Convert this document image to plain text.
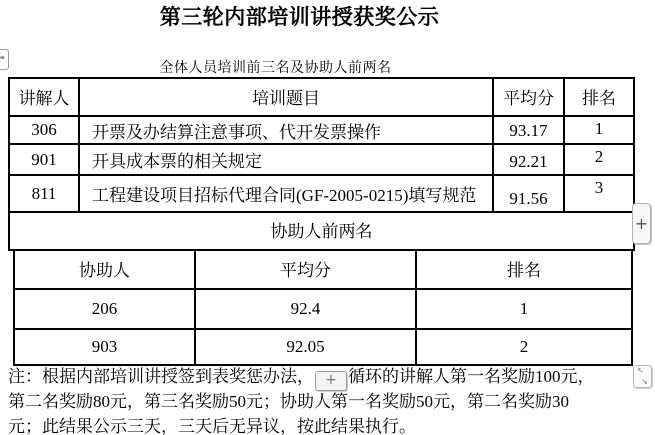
第三轮内部培训讲授获奖公示
全体人员培训前三名及协助人前两名
讲解人	培训题目	平均分	排名
306	开票及办结算注意事项、代开发票操作	93.17	1
901	开具成本票的相关规定	92.21	2
811	工程建设项目招标代理合同(GF-2005-0215)填写规范	91.56	3
协助人前两名			
协助人	平均分	排名
206	92.4	1
903	92.05	2
+
注：根据内部培训讲授签到表奖惩办法， + 循环的讲解人第一名奖励100元，
第二名奖励80元，第三名奖励50元；协助人第一名奖励50元，第二名奖励30
元；此结果公示三天，三天后无异议，按此结果执行。
↖
↘
